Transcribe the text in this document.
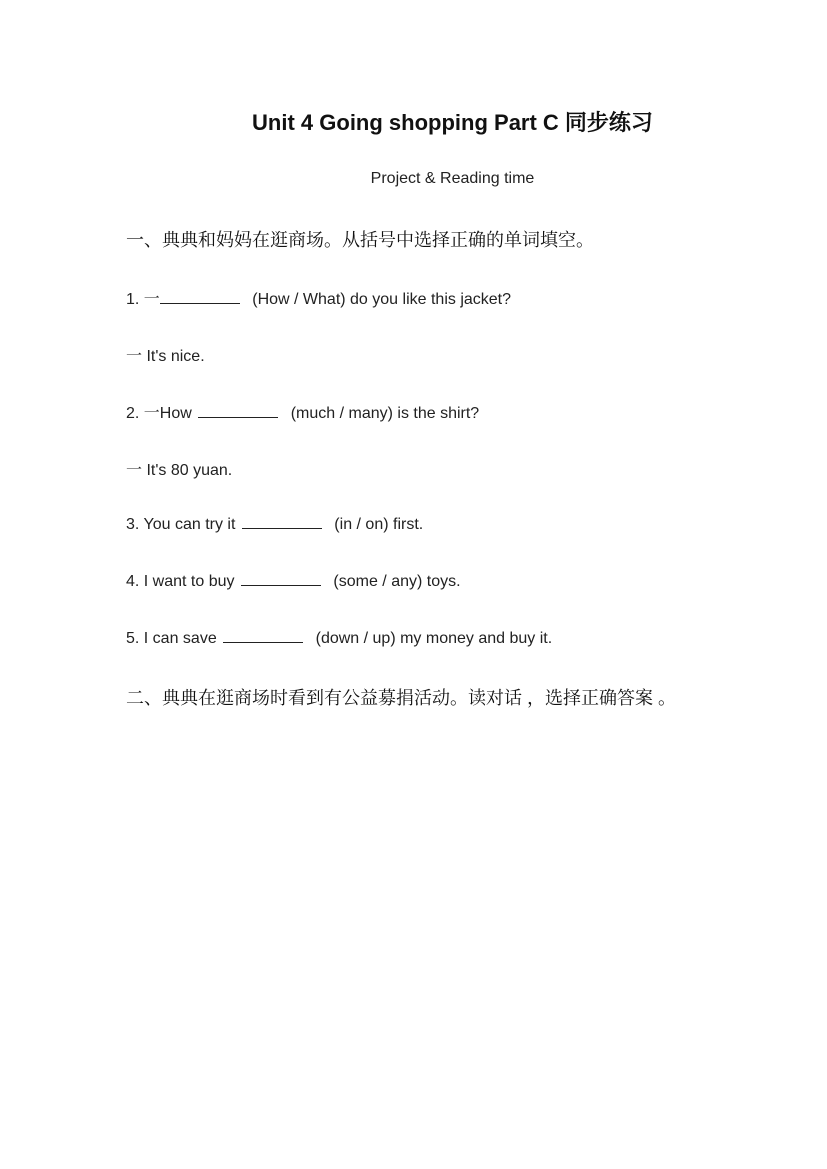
Unit 4 Going shopping Part C 同步练习
Project & Reading time
一、典典和妈妈在逛商场。从括号中选择正确的单词填空。
1. 一	(How / What) do you like this jacket?
一 It's nice.
2. 一How	(much / many) is the shirt?
一 It's 80 yuan.
3. You can try it	(in / on) first.
4. I want to buy	(some / any) toys.
5. I can save	(down / up) my money and buy it.
二、典典在逛商场时看到有公益募捐活动。读对话 ，选择正确答案 。
